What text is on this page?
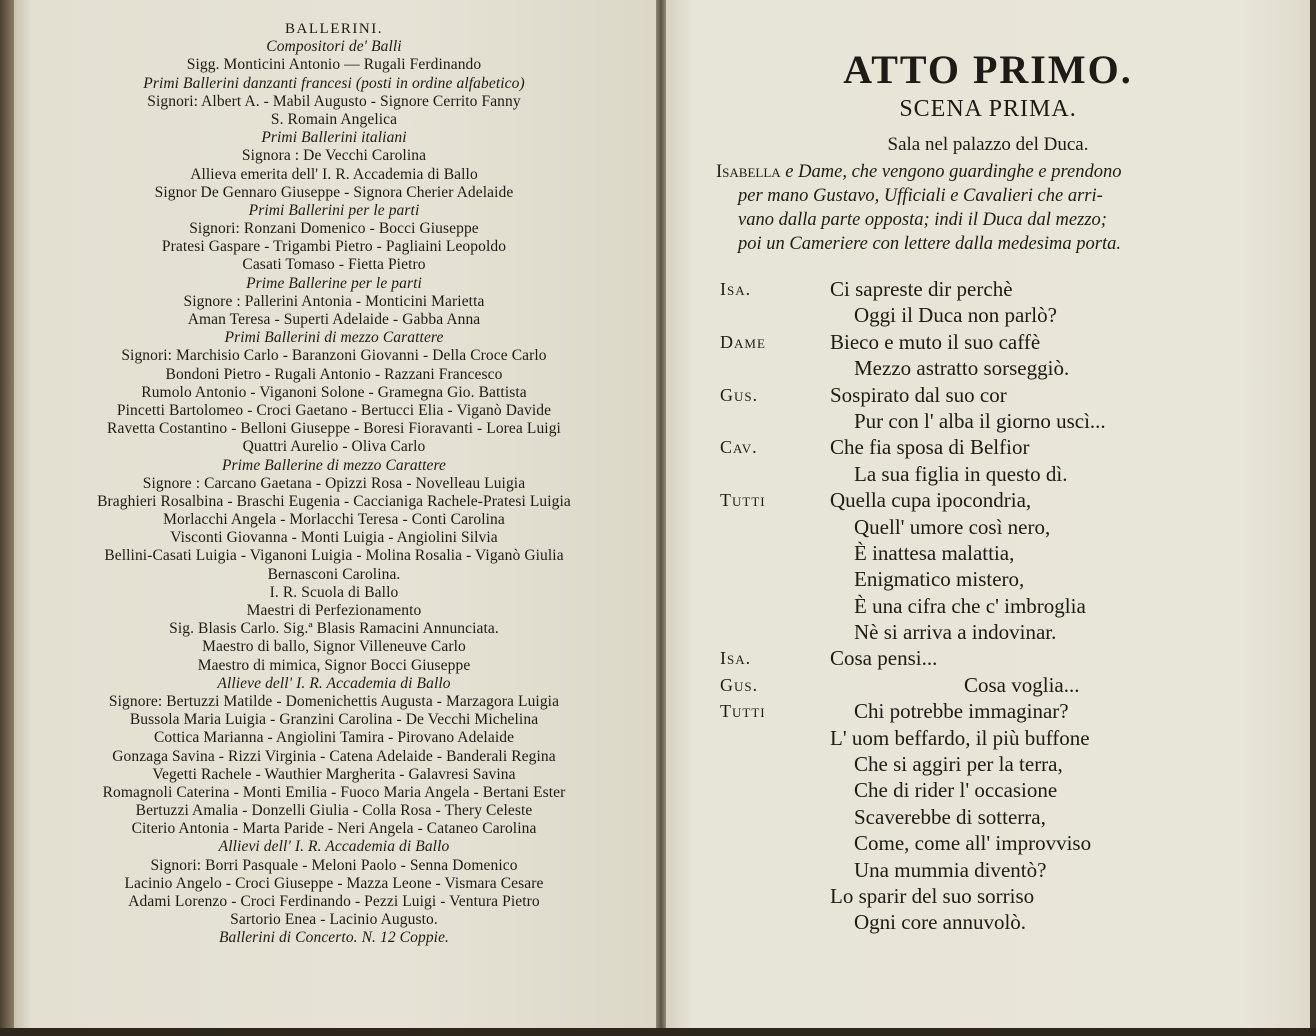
BALLERINI.
Compositori de' Balli
Sigg. Monticini Antonio — Rugali Ferdinando
Primi Ballerini danzanti francesi (posti in ordine alfabetico)
Signori: Albert A. - Mabil Augusto - Signore Cerrito Fanny
S. Romain Angelica
Primi Ballerini italiani
Signora : De Vecchi Carolina
Allieva emerita dell' I. R. Accademia di Ballo
Signor De Gennaro Giuseppe - Signora Cherier Adelaide
Primi Ballerini per le parti
Signori: Ronzani Domenico - Bocci Giuseppe
Pratesi Gaspare - Trigambi Pietro - Pagliaini Leopoldo
Casati Tomaso - Fietta Pietro
Prime Ballerine per le parti
Signore : Pallerini Antonia - Monticini Marietta
Aman Teresa - Superti Adelaide - Gabba Anna
Primi Ballerini di mezzo Carattere
Signori: Marchisio Carlo - Baranzoni Giovanni - Della Croce Carlo
Bondoni Pietro - Rugali Antonio - Razzani Francesco
Rumolo Antonio - Viganoni Solone - Gramegna Gio. Battista
Pincetti Bartolomeo - Croci Gaetano - Bertucci Elia - Viganò Davide
Ravetta Costantino - Belloni Giuseppe - Boresi Fioravanti - Lorea Luigi
Quattri Aurelio - Oliva Carlo
Prime Ballerine di mezzo Carattere
Signore : Carcano Gaetana - Opizzi Rosa - Novelleau Luigia
Braghieri Rosalbina - Braschi Eugenia - Caccianiga Rachele-Pratesi Luigia
Morlacchi Angela - Morlacchi Teresa - Conti Carolina
Visconti Giovanna - Monti Luigia - Angiolini Silvia
Bellini-Casati Luigia - Viganoni Luigia - Molina Rosalia - Viganò Giulia
Bernasconi Carolina.
I. R. Scuola di Ballo
Maestri di Perfezionamento
Sig. Blasis Carlo. Sig.ª Blasis Ramacini Annunciata.
Maestro di ballo, Signor Villeneuve Carlo
Maestro di mimica, Signor Bocci Giuseppe
Allieve dell' I. R. Accademia di Ballo
Signore: Bertuzzi Matilde - Domenichettis Augusta - Marzagora Luigia
Bussola Maria Luigia - Granzini Carolina - De Vecchi Michelina
Cottica Marianna - Angiolini Tamira - Pirovano Adelaide
Gonzaga Savina - Rizzi Virginia - Catena Adelaide - Banderali Regina
Vegetti Rachele - Wauthier Margherita - Galavresi Savina
Romagnoli Caterina - Monti Emilia - Fuoco Maria Angela - Bertani Ester
Bertuzzi Amalia - Donzelli Giulia - Colla Rosa - Thery Celeste
Citerio Antonia - Marta Paride - Neri Angela - Cataneo Carolina
Allievi dell' I. R. Accademia di Ballo
Signori: Borri Pasquale - Meloni Paolo - Senna Domenico
Lacinio Angelo - Croci Giuseppe - Mazza Leone - Vismara Cesare
Adami Lorenzo - Croci Ferdinando - Pezzi Luigi - Ventura Pietro
Sartorio Enea - Lacinio Augusto.
Ballerini di Concerto. N. 12 Coppie.
ATTO PRIMO.
SCENA PRIMA.
Sala nel palazzo del Duca.
Isabella e Dame, che vengono guardinghe e prendono
per mano Gustavo, Ufficiali e Cavalieri che arri-
vano dalla parte opposta; indi il Duca dal mezzo;
poi un Cameriere con lettere dalla medesima porta.
Isa.	Ci sapreste dir perchè
Oggi il Duca non parlò?
Dame	Bieco e muto il suo caffè
Mezzo astratto sorseggiò.
Gus.	Sospirato dal suo cor
Pur con l' alba il giorno uscì...
Cav.	Che fia sposa di Belfior
La sua figlia in questo dì.
Tutti	Quella cupa ipocondria,
Quell' umore così nero,
È inattesa malattia,
Enigmatico mistero,
È una cifra che c' imbroglia
Nè si arriva a indovinar.
Isa.	Cosa pensi...
Gus.	Cosa voglia...
Tutti	Chi potrebbe immaginar?
L' uom beffardo, il più buffone
Che si aggiri per la terra,
Che di rider l' occasione
Scaverebbe di sotterra,
Come, come all' improvviso
Una mummia diventò?
Lo sparir del suo sorriso
Ogni core annuvolò.
